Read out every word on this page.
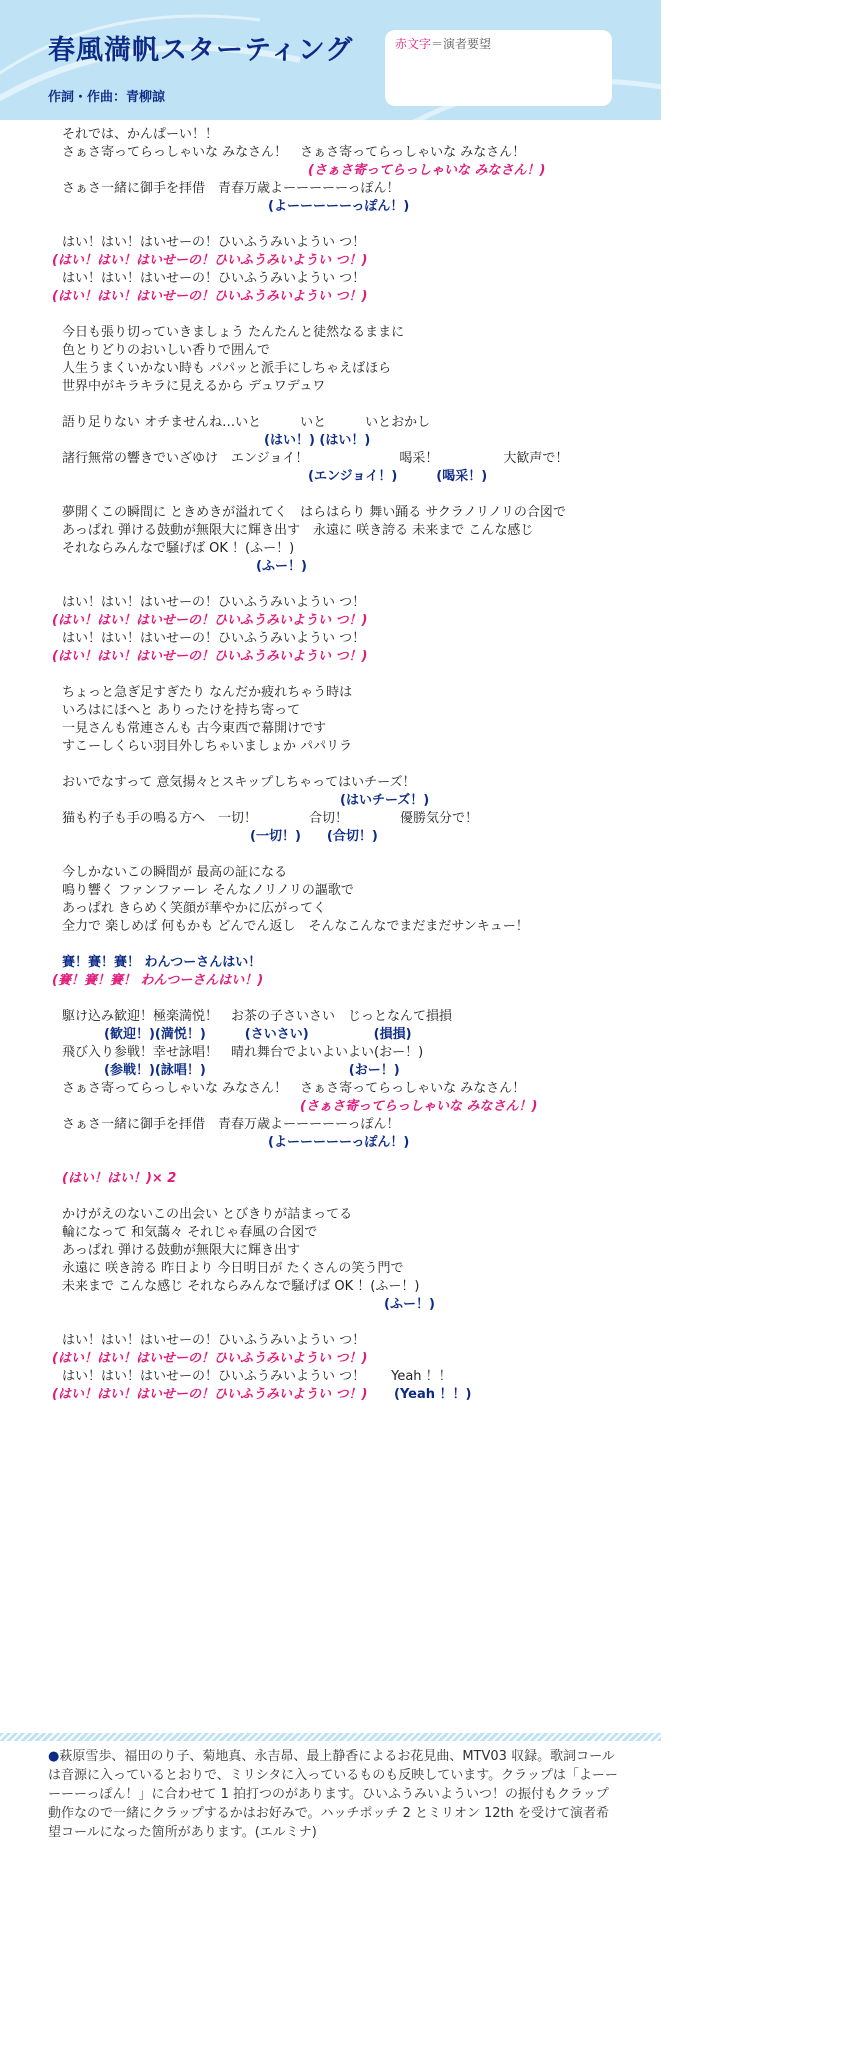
春風満帆スターティング
作詞・作曲：青柳諒
赤文字＝演者要望
それでは、かんぱーい！！
さぁさ寄ってらっしゃいな みなさん！　さぁさ寄ってらっしゃいな みなさん！
(さぁさ寄ってらっしゃいな みなさん！)
さぁさ一緒に御手を拝借　青春万歳よーーーーーっぽん！
(よーーーーーっぽん！)
はい！はい！はいせーの！ひいふうみいようい つ！
(はい！はい！はいせーの！ひいふうみいようい つ！)
はい！はい！はいせーの！ひいふうみいようい つ！
(はい！はい！はいせーの！ひいふうみいようい つ！)
今日も張り切っていきましょう たんたんと徒然なるままに
色とりどりのおいしい香りで囲んで
人生うまくいかない時も パパッと派手にしちゃえばほら
世界中がキラキラに見えるから デュワデュワ
語り足りない オチませんね…いと　　　いと　　　いとおかし
(はい！) (はい！)
諸行無常の響きでいざゆけ　エンジョイ！　　　　　　　喝采！　　　　　大歓声で！
(エンジョイ！)　　　(喝采！)
夢開くこの瞬間に ときめきが溢れてく　はらはらり 舞い踊る サクラノリノリの合図で
あっぱれ 弾ける鼓動が無限大に輝き出す　永遠に 咲き誇る 未来まで こんな感じ
それならみんなで騒げば OK ！(ふー！)
(ふー！)
はい！はい！はいせーの！ひいふうみいようい つ！
(はい！はい！はいせーの！ひいふうみいようい つ！)
はい！はい！はいせーの！ひいふうみいようい つ！
(はい！はい！はいせーの！ひいふうみいようい つ！)
ちょっと急ぎ足すぎたり なんだか疲れちゃう時は
いろはにほへと ありったけを持ち寄って
一見さんも常連さんも 古今東西で幕開けです
すこーしくらい羽目外しちゃいましょか パパリラ
おいでなすって 意気揚々とスキップしちゃってはいチーズ！
(はいチーズ！)
猫も杓子も手の鳴る方へ　一切！　　　　合切！　　　　優勝気分で！
(一切！)　　(合切！)
今しかないこの瞬間が 最高の証になる
鳴り響く ファンファーレ そんなノリノリの謳歌で
あっぱれ きらめく笑顔が華やかに広がってく
全力で 楽しめば 何もかも どんでん返し　そんなこんなでまだまだサンキュー！
賽！賽！賽！ わんつーさんはい！
(賽！賽！賽！ わんつーさんはい！)
駆け込み歓迎！極楽満悦！　お茶の子さいさい　じっとなんて損損
(歓迎！)(満悦！)　　　(さいさい)　　　　　(損損)
飛び入り参戦！幸せ詠唱！　晴れ舞台でよいよいよい(おー！)
(参戦！)(詠唱！)　　　　　　　　　　　(おー！)
さぁさ寄ってらっしゃいな みなさん！　さぁさ寄ってらっしゃいな みなさん！
(さぁさ寄ってらっしゃいな みなさん！)
さぁさ一緒に御手を拝借　青春万歳よーーーーーっぽん！
(よーーーーーっぽん！)
(はい！はい！)× 2
かけがえのないこの出会い とびきりが詰まってる
輪になって 和気藹々 それじゃ春風の合図で
あっぱれ 弾ける鼓動が無限大に輝き出す
永遠に 咲き誇る 昨日より 今日明日が たくさんの笑う門で
未来まで こんな感じ それならみんなで騒げば OK ！(ふー！)
(ふー！)
はい！はい！はいせーの！ひいふうみいようい つ！
(はい！はい！はいせーの！ひいふうみいようい つ！)
はい！はい！はいせーの！ひいふうみいようい つ！　　Yeah ！！
(はい！はい！はいせーの！ひいふうみいようい つ！) (Yeah ！！)
●萩原雪歩、福田のり子、菊地真、永吉昴、最上静香によるお花見曲、MTV03 収録。歌詞コールは音源に入っているとおりで、ミリシタに入っているものも反映しています。クラップは「よーーーーーっぽん！」に合わせて 1 拍打つのがあります。ひいふうみいよういつ！の振付もクラップ動作なので一緒にクラップするかはお好みで。ハッチポッチ 2 とミリオン 12th を受けて演者希望コールになった箇所があります。(エルミナ)
